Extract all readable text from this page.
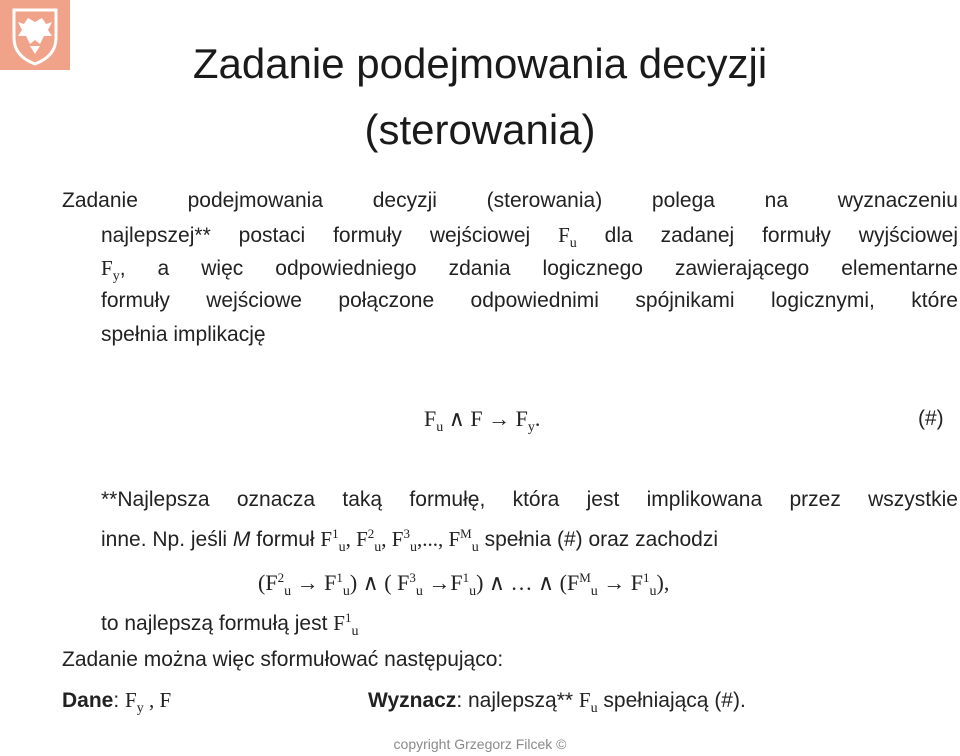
Zadanie podejmowania decyzji
(sterowania)
Zadanie podejmowania decyzji (sterowania) polega na wyznaczeniu
najlepszej** postaci formuły wejściowej $F_u$ dla zadanej formuły wyjściowej
$F_y$, a więc odpowiedniego zdania logicznego zawierającego elementarne
formuły wejściowe połączone odpowiednimi spójnikami logicznymi, które
spełnia implikację
$F_u$ ∧ $F \to F_y$.	(#)
**Najlepsza oznacza taką formułę, która jest implikowana przez wszystkie
inne. Np. jeśli M formuł $F^1_u$, $F^2_u$, $F^3_u$,..., $F^M_u$ spełnia (#) oraz zachodzi
$(F^2_u \to F^1_u)$ ∧ ( $F^3_u \to F^1_u$) ∧ … ∧ $(F^M_u \to F^1_u)$,
to najlepszą formułą jest $F^1_u$
Zadanie można więc sformułować następująco:
Dane: $F_y$ , F	Wyznacz: najlepszą** $F_u$ spełniającą (#).
copyright Grzegorz Filcek ©
